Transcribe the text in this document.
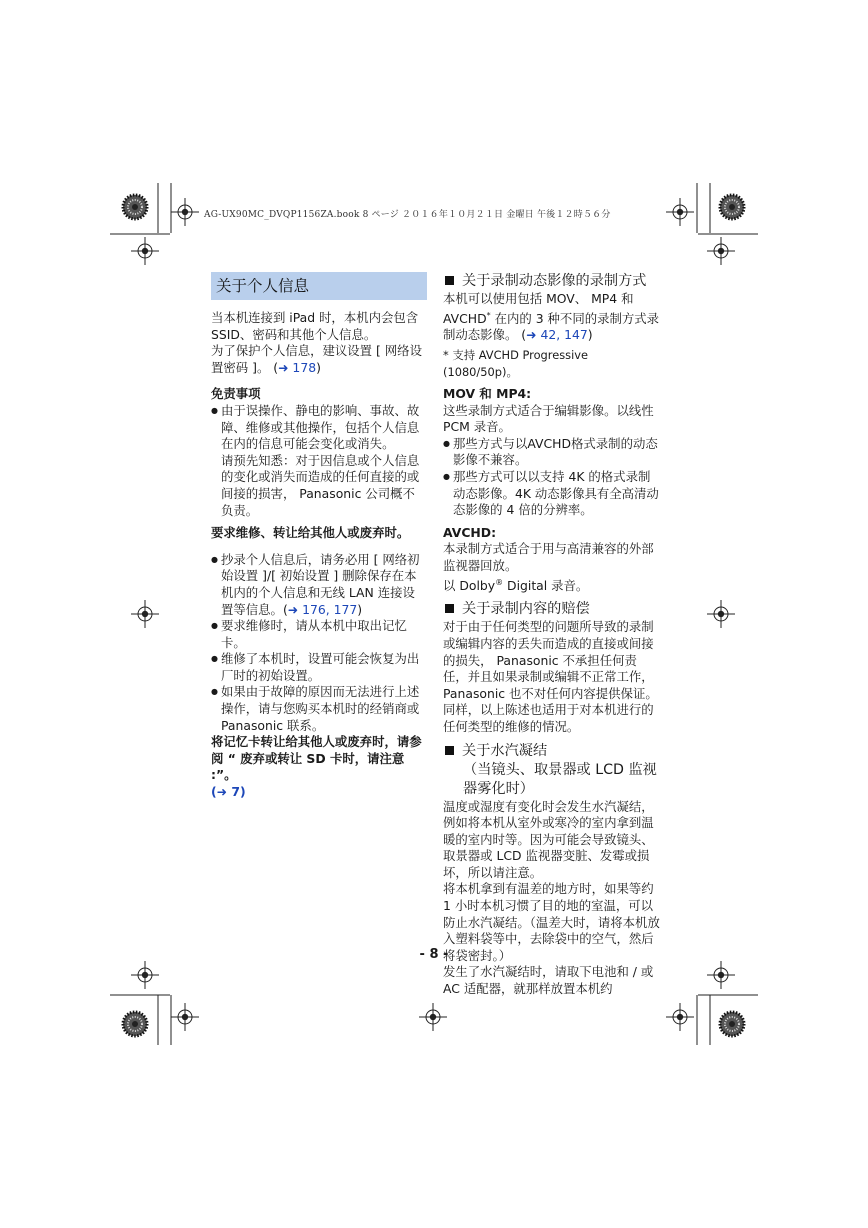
AG-UX90MC_DVQP1156ZA.book 8 ページ ２０１６年１０月２１日 金曜日 午後１２時５６分
关于个人信息

当本机连接到 iPad 时，本机内会包含 SSID、密码和其他个人信息。

为了保护个人信息，建议设置 [ 网络设置密码 ]。 (➜ 178)

免责事项

● 由于误操作、静电的影响、事故、故障、维修或其他操作，包括个人信息在内的信息可能会变化或消失。

请预先知悉：对于因信息或个人信息的变化或消失而造成的任何直接的或间接的损害， Panasonic 公司概不负责。

要求维修、转让给其他人或废弃时。

● 抄录个人信息后，请务必用 [ 网络初始设置 ]/[ 初始设置 ] 删除保存在本机内的个人信息和无线 LAN 连接设置等信息。(➜ 176, 177)

● 要求维修时，请从本机中取出记忆卡。

● 维修了本机时，设置可能会恢复为出厂时的初始设置。

● 如果由于故障的原因而无法进行上述操作，请与您购买本机时的经销商或 Panasonic 联系。

将记忆卡转让给其他人或废弃时，请参阅 “ 废弃或转让 SD 卡时，请注意 :”。
(➜ 7)

关于录制动态影像的录制方式

本机可以使用包括 MOV、 MP4 和 AVCHD* 在内的 3 种不同的录制方式录制动态影像。 (➜ 42, 147)

* 支持 AVCHD Progressive (1080/50p)。

MOV 和 MP4:

这些录制方式适合于编辑影像。以线性 PCM 录音。

● 那些方式与以AVCHD格式录制的动态影像不兼容。

● 那些方式可以以支持 4K 的格式录制动态影像。4K 动态影像具有全高清动态影像的 4 倍的分辨率。

AVCHD:

本录制方式适合于用与高清兼容的外部监视器回放。

以 Dolby® Digital 录音。

关于录制内容的赔偿

对于由于任何类型的问题所导致的录制或编辑内容的丢失而造成的直接或间接的损失， Panasonic 不承担任何责任，并且如果录制或编辑不正常工作， Panasonic 也不对任何内容提供保证。同样，以上陈述也适用于对本机进行的任何类型的维修的情况。

关于水汽凝结
（当镜头、取景器或 LCD 监视
器雾化时）

温度或湿度有变化时会发生水汽凝结，例如将本机从室外或寒冷的室内拿到温暖的室内时等。因为可能会导致镜头、取景器或 LCD 监视器变脏、发霉或损坏，所以请注意。

将本机拿到有温差的地方时，如果等约 1 小时本机习惯了目的地的室温，可以防止水汽凝结。（温差大时，请将本机放入塑料袋等中，去除袋中的空气，然后将袋密封。）

发生了水汽凝结时，请取下电池和 / 或 AC 适配器，就那样放置本机约

- 8 -
